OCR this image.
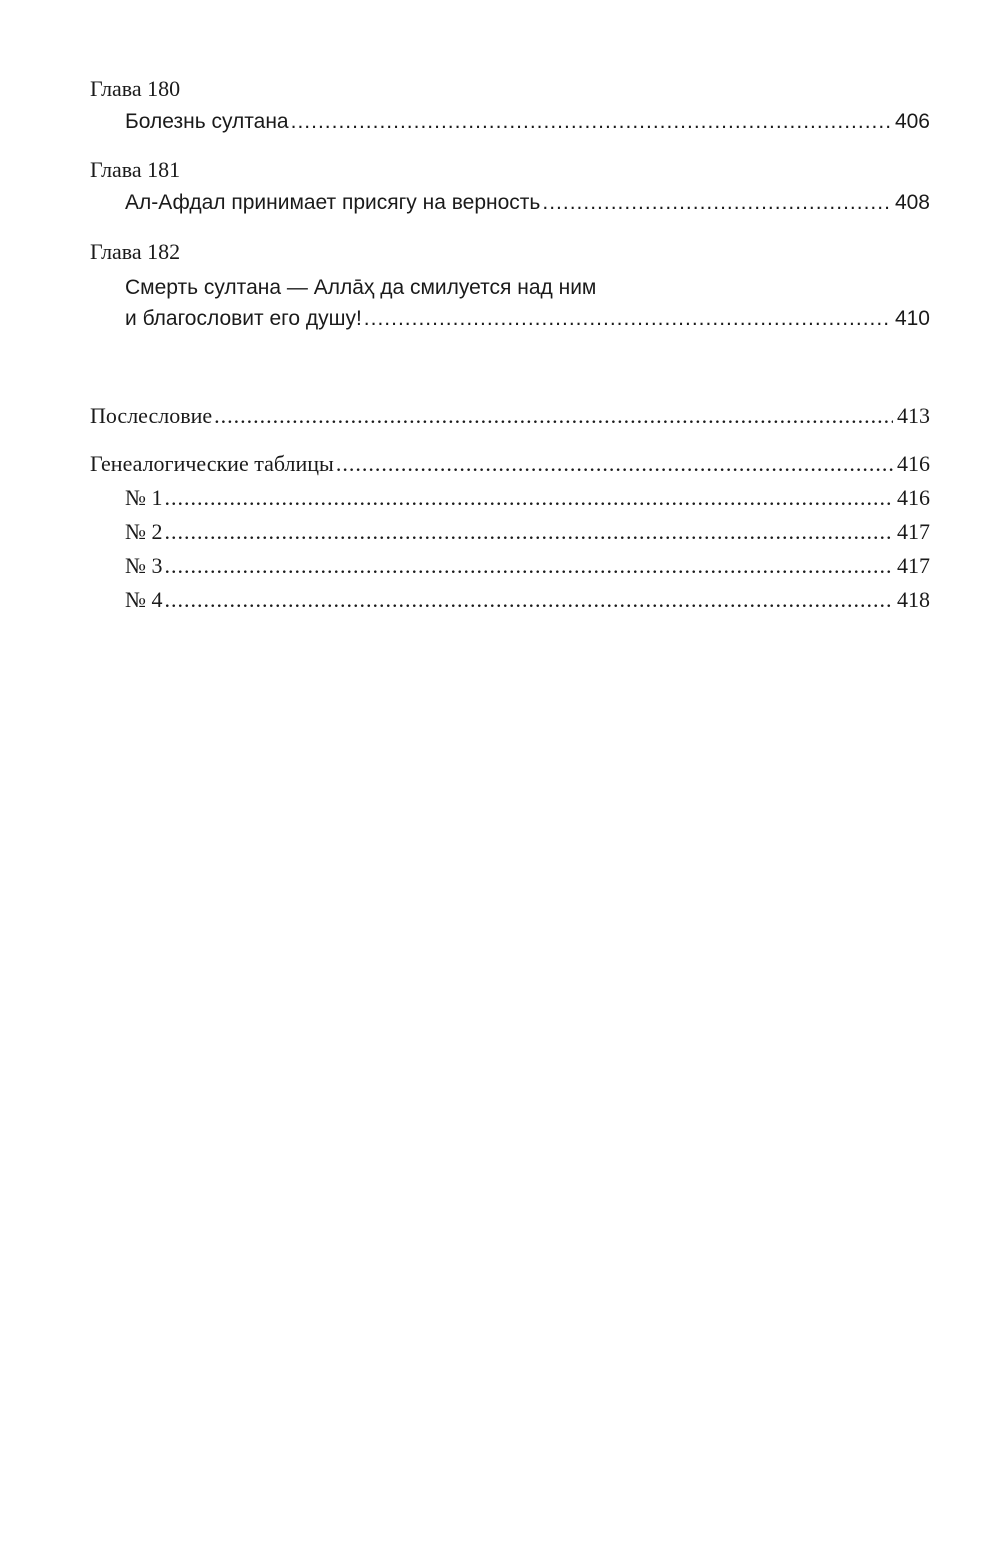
Глава 180
Болезнь султана .....	406
Глава 181
Ал-Афдал принимает присягу на верность .....	408
Глава 182
Смерть султана — Аллāҳ да смилуется над ним
и благословит его душу! .....	410
Послесловие .....	413
Генеалогические таблицы .....	416
№ 1 .....	416
№ 2 .....	417
№ 3 .....	417
№ 4 .....	418
